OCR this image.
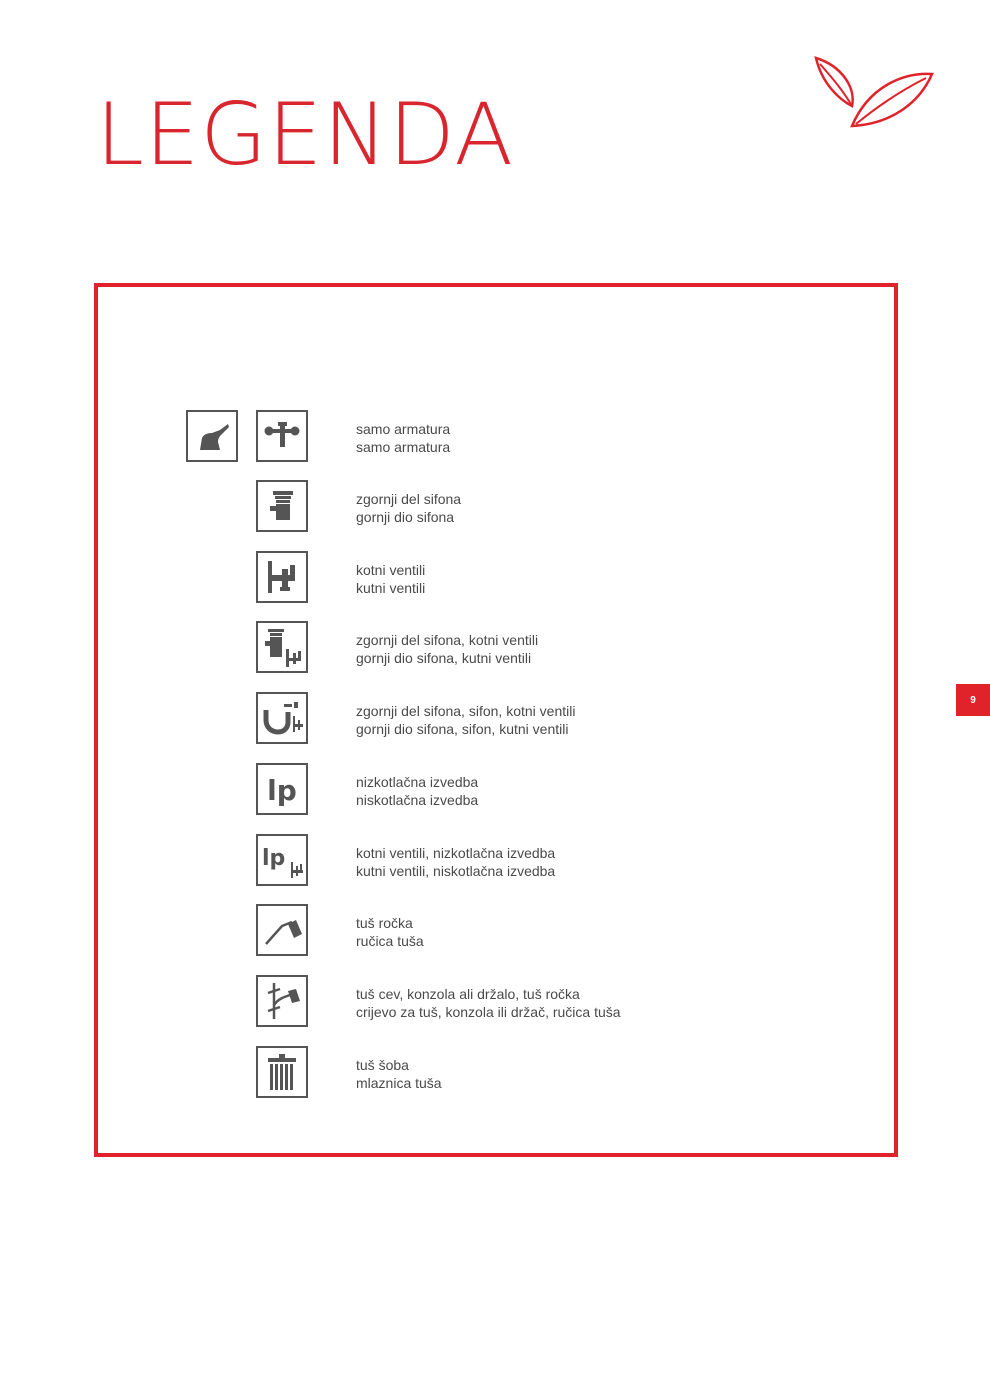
LEGENDA
9
samo armatura
samo armatura
zgornji del sifona
gornji dio sifona
kotni ventili
kutni ventili
zgornji del sifona, kotni ventili
gornji dio sifona, kutni ventili
zgornji del sifona, sifon, kotni ventili
gornji dio sifona, sifon, kutni ventili
lp	nizkotlačna izvedba
niskotlačna izvedba
lp	kotni ventili, nizkotlačna izvedba
kutni ventili, niskotlačna izvedba
tuš ročka
ručica tuša
tuš cev, konzola ali držalo, tuš ročka
crijevo za tuš, konzola ili držač, ručica tuša
tuš šoba
mlaznica tuša
